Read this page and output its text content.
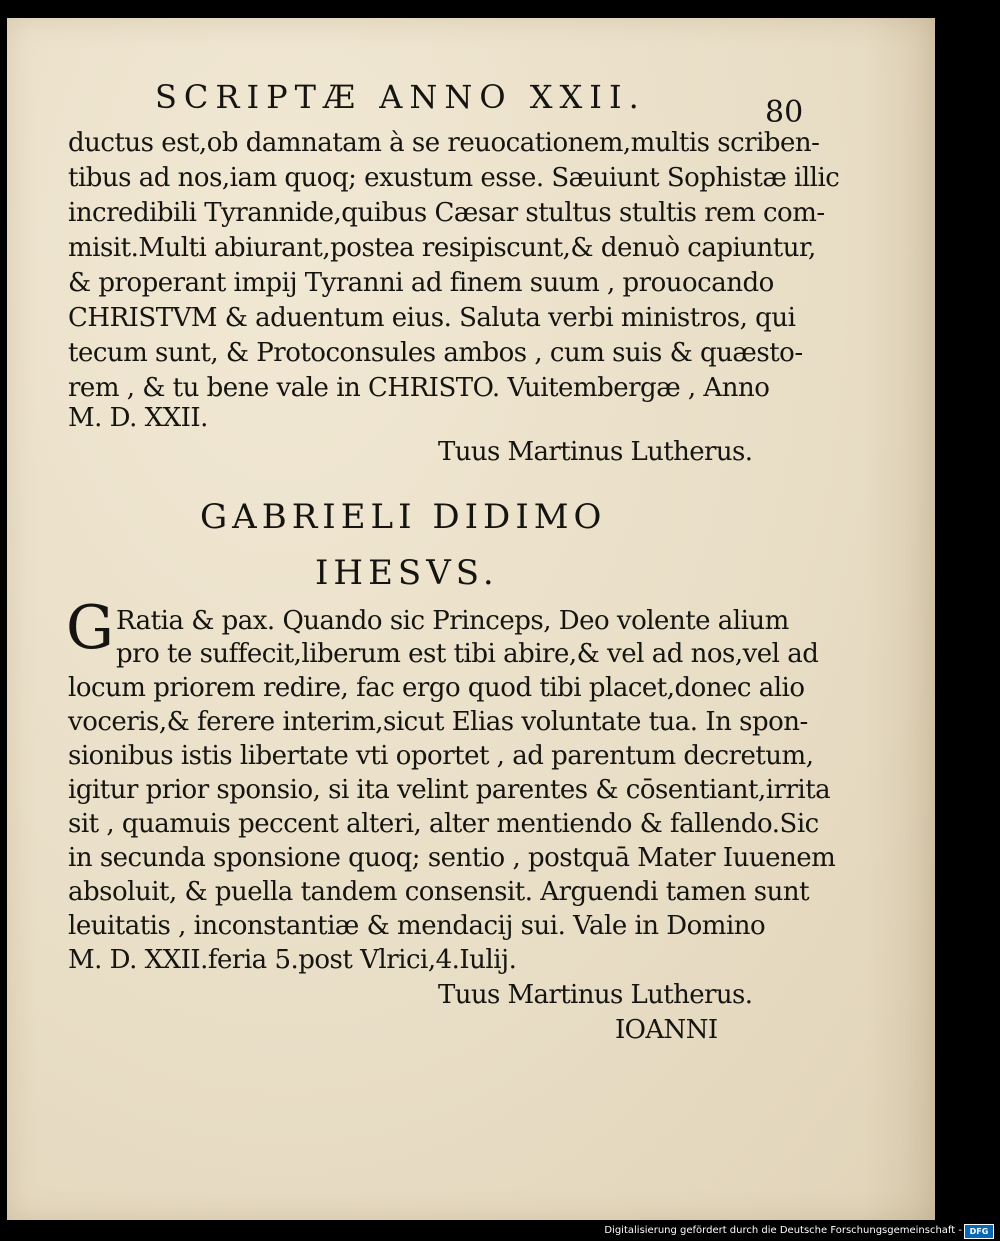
SCRIPTÆ ANNO XXII.	80
ductus est,ob damnatam à se reuocationem,multis scriben-
tibus ad nos,iam quoq; exustum esse. Sæuiunt Sophistæ illic
incredibili Tyrannide,quibus Cæsar stultus stultis rem com-
misit.Multi abiurant,postea resipiscunt,& denuò capiuntur,
& properant impij Tyranni ad finem suum , prouocando
CHRISTVM & aduentum eius. Saluta verbi ministros, qui
tecum sunt, & Protoconsules ambos , cum suis & quæsto-
rem , & tu bene vale in CHRISTO. Vuitembergæ , Anno
M. D. XXII.
Tuus Martinus Lutherus.
GABRIELI DIDIMO
IHESVS.
G Ratia & pax. Quando sic Princeps, Deo volente alium
pro te suffecit,liberum est tibi abire,& vel ad nos,vel ad
locum priorem redire, fac ergo quod tibi placet,donec alio
voceris,& ferere interim,sicut Elias voluntate tua. In spon-
sionibus istis libertate vti oportet , ad parentum decretum,
igitur prior sponsio, si ita velint parentes & cōsentiant,irrita
sit , quamuis peccent alteri, alter mentiendo & fallendo.Sic
in secunda sponsione quoq; sentio , postquā Mater Iuuenem
absoluit, & puella tandem consensit. Arguendi tamen sunt
leuitatis , inconstantiæ & mendacij sui. Vale in Domino
M. D. XXII.feria 5.post Vlrici,4.Iulij.
Tuus Martinus Lutherus.
IOANNI
Digitalisierung gefördert durch die Deutsche Forschungsgemeinschaft - DFG
